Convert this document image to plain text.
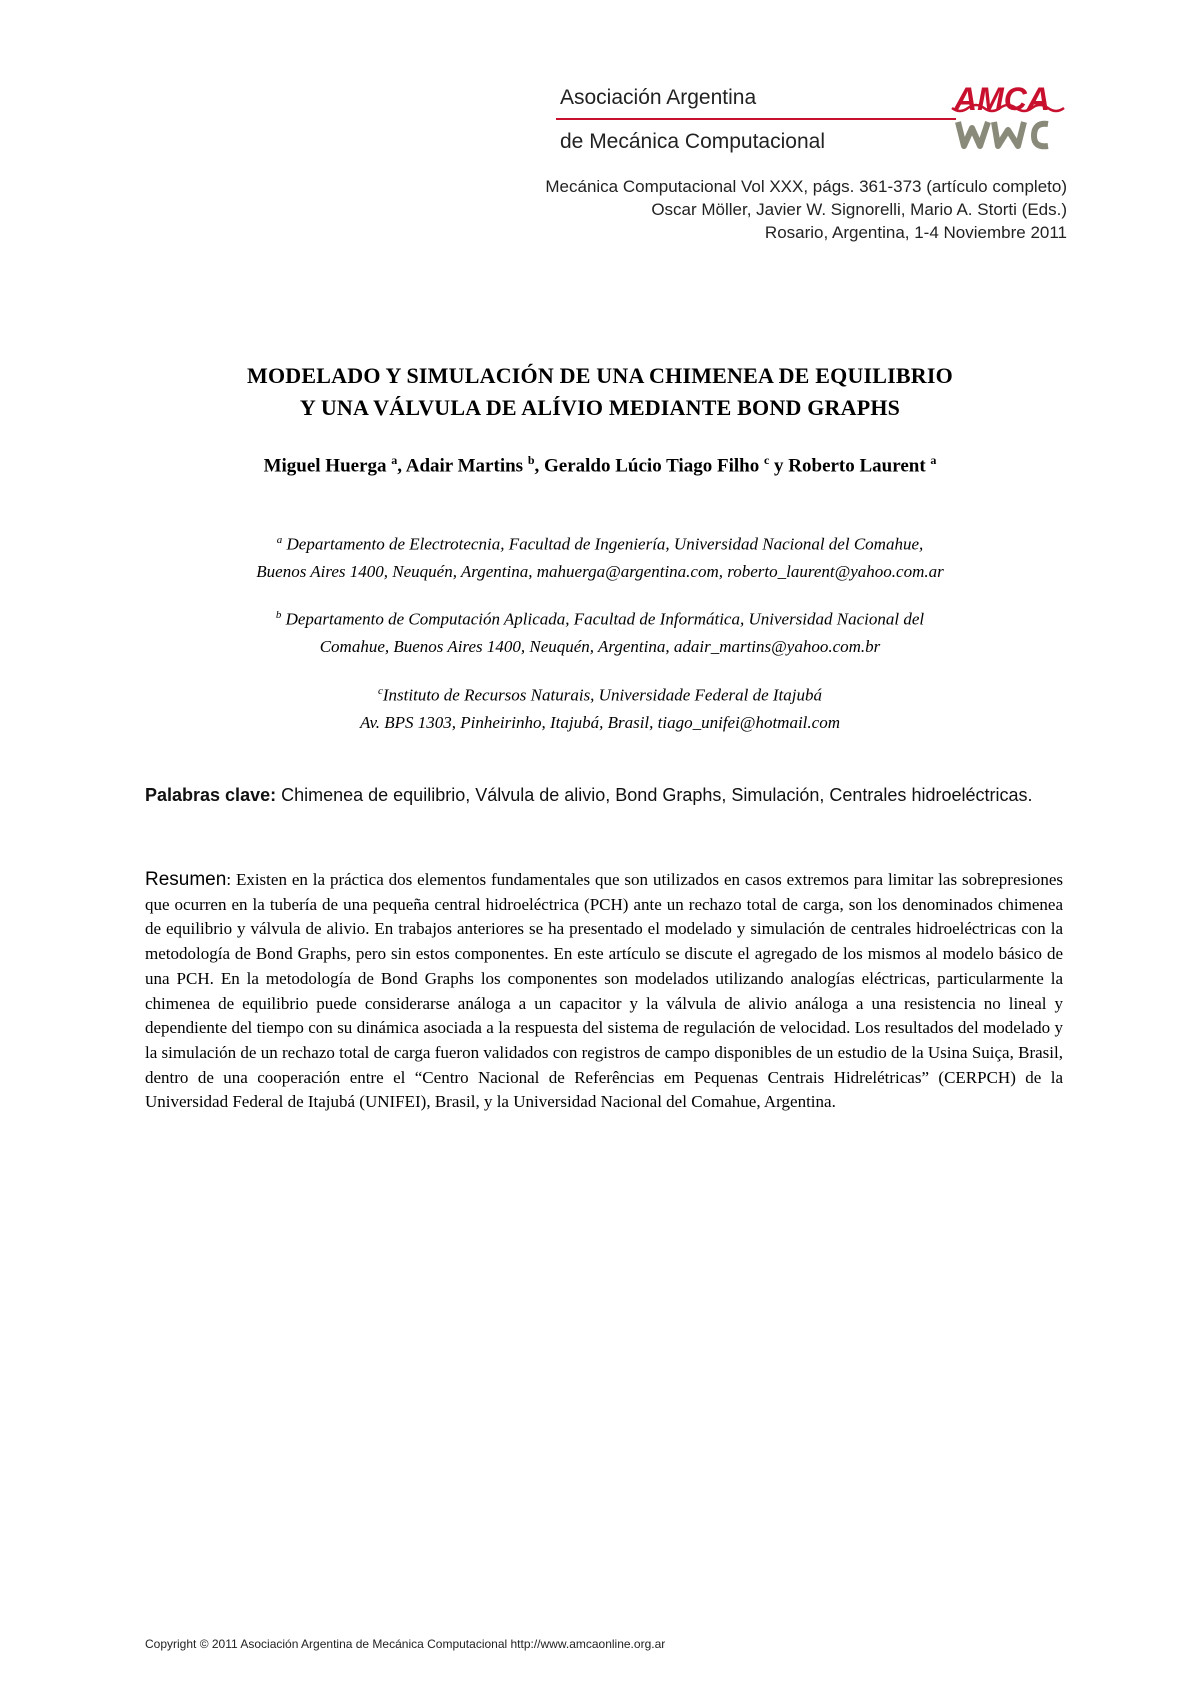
Asociación Argentina
de Mecánica Computacional
AMCA
Mecánica Computacional Vol XXX, págs. 361-373 (artículo completo)
Oscar Möller, Javier W. Signorelli, Mario A. Storti (Eds.)
Rosario, Argentina, 1-4 Noviembre 2011
MODELADO Y SIMULACIÓN DE UNA CHIMENEA DE EQUILIBRIO
Y UNA VÁLVULA DE ALÍVIO MEDIANTE BOND GRAPHS
Miguel Huerga $^a$, Adair Martins $^b$, Geraldo Lúcio Tiago Filho $^c$ y Roberto Laurent $^a$
$^a$ Departamento de Electrotecnia, Facultad de Ingeniería, Universidad Nacional del Comahue,
Buenos Aires 1400, Neuquén, Argentina, mahuerga@argentina.com, roberto_laurent@yahoo.com.ar
$^b$ Departamento de Computación Aplicada, Facultad de Informática, Universidad Nacional del
Comahue, Buenos Aires 1400, Neuquén, Argentina, adair_martins@yahoo.com.br
$^c$Instituto de Recursos Naturais, Universidade Federal de Itajubá
Av. BPS 1303, Pinheirinho, Itajubá, Brasil, tiago_unifei@hotmail.com
Palabras clave: Chimenea de equilibrio, Válvula de alivio, Bond Graphs, Simulación, Centrales hidroeléctricas.
Resumen: Existen en la práctica dos elementos fundamentales que son utilizados en casos extremos para limitar las sobrepresiones que ocurren en la tubería de una pequeña central hidroeléctrica (PCH) ante un rechazo total de carga, son los denominados chimenea de equilibrio y válvula de alivio. En trabajos anteriores se ha presentado el modelado y simulación de centrales hidroeléctricas con la metodología de Bond Graphs, pero sin estos componentes. En este artículo se discute el agregado de los mismos al modelo básico de una PCH. En la metodología de Bond Graphs los componentes son modelados utilizando analogías eléctricas, particularmente la chimenea de equilibrio puede considerarse análoga a un capacitor y la válvula de alivio análoga a una resistencia no lineal y dependiente del tiempo con su dinámica asociada a la respuesta del sistema de regulación de velocidad. Los resultados del modelado y la simulación de un rechazo total de carga fueron validados con registros de campo disponibles de un estudio de la Usina Suiça, Brasil, dentro de una cooperación entre el “Centro Nacional de Referências em Pequenas Centrais Hidrelétricas” (CERPCH) de la Universidad Federal de Itajubá (UNIFEI), Brasil, y la Universidad Nacional del Comahue, Argentina.
Copyright © 2011 Asociación Argentina de Mecánica Computacional http://www.amcaonline.org.ar
